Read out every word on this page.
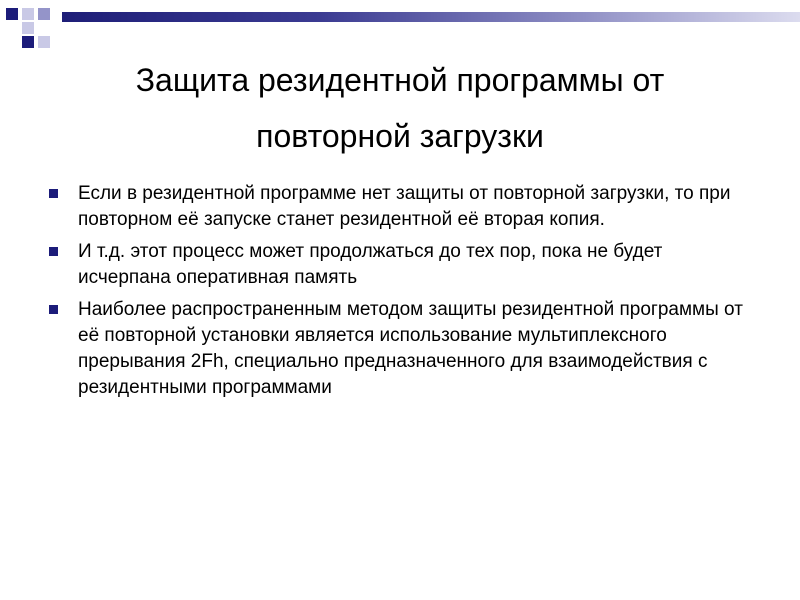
Защита резидентной программы от
повторной загрузки
Если в резидентной программе нет защиты от повторной загрузки, то при повторном её запуске станет резидентной её вторая копия.
И т.д. этот процесс может продолжаться до тех пор, пока не будет исчерпана оперативная память
Наиболее распространенным методом защиты резидентной программы от её повторной установки является использование мультиплексного прерывания 2Fh, специально предназначенного для взаимодействия с резидентными программами
